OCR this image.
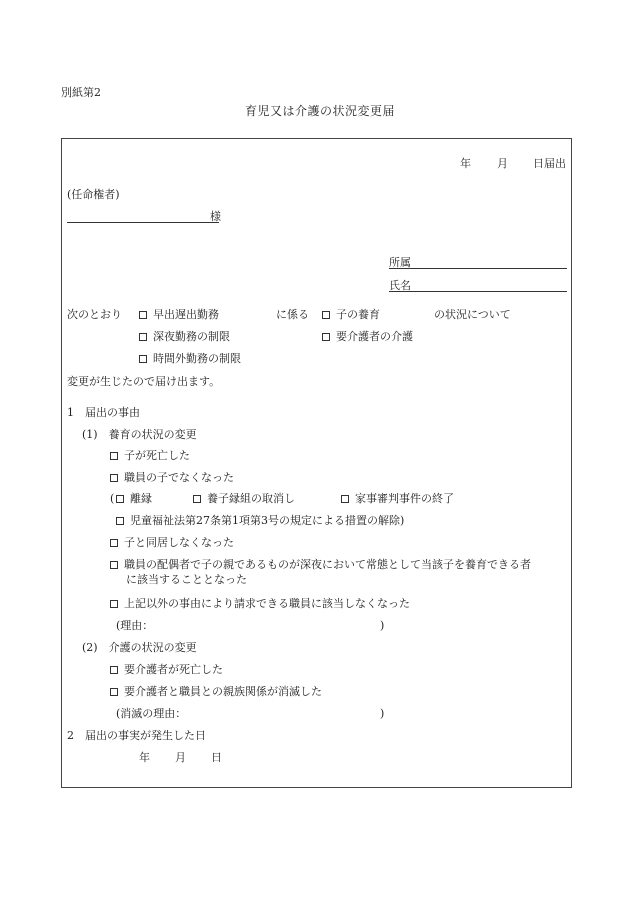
別紙第2
育児又は介護の状況変更届
年 月 日届出
(任命権者)
様
所属
氏名
次のとおり	早出遅出勤務	に係る	子の養育	の状況について
深夜勤務の制限	要介護者の介護
時間外勤務の制限
変更が生じたので届け出ます。
1　届出の事由
(1)　養育の状況の変更
子が死亡した
職員の子でなくなった
(	離縁	養子縁組の取消し	家事審判事件の終了
児童福祉法第27条第1項第3号の規定による措置の解除)
子と同居しなくなった
職員の配偶者で子の親であるものが深夜において常態として当該子を養育できる者
に該当することとなった
上記以外の事由により請求できる職員に該当しなくなった
(理由：	)
(2)　介護の状況の変更
要介護者が死亡した
要介護者と職員との親族関係が消滅した
(消滅の理由：	)
2　届出の事実が発生した日
年 月 日
